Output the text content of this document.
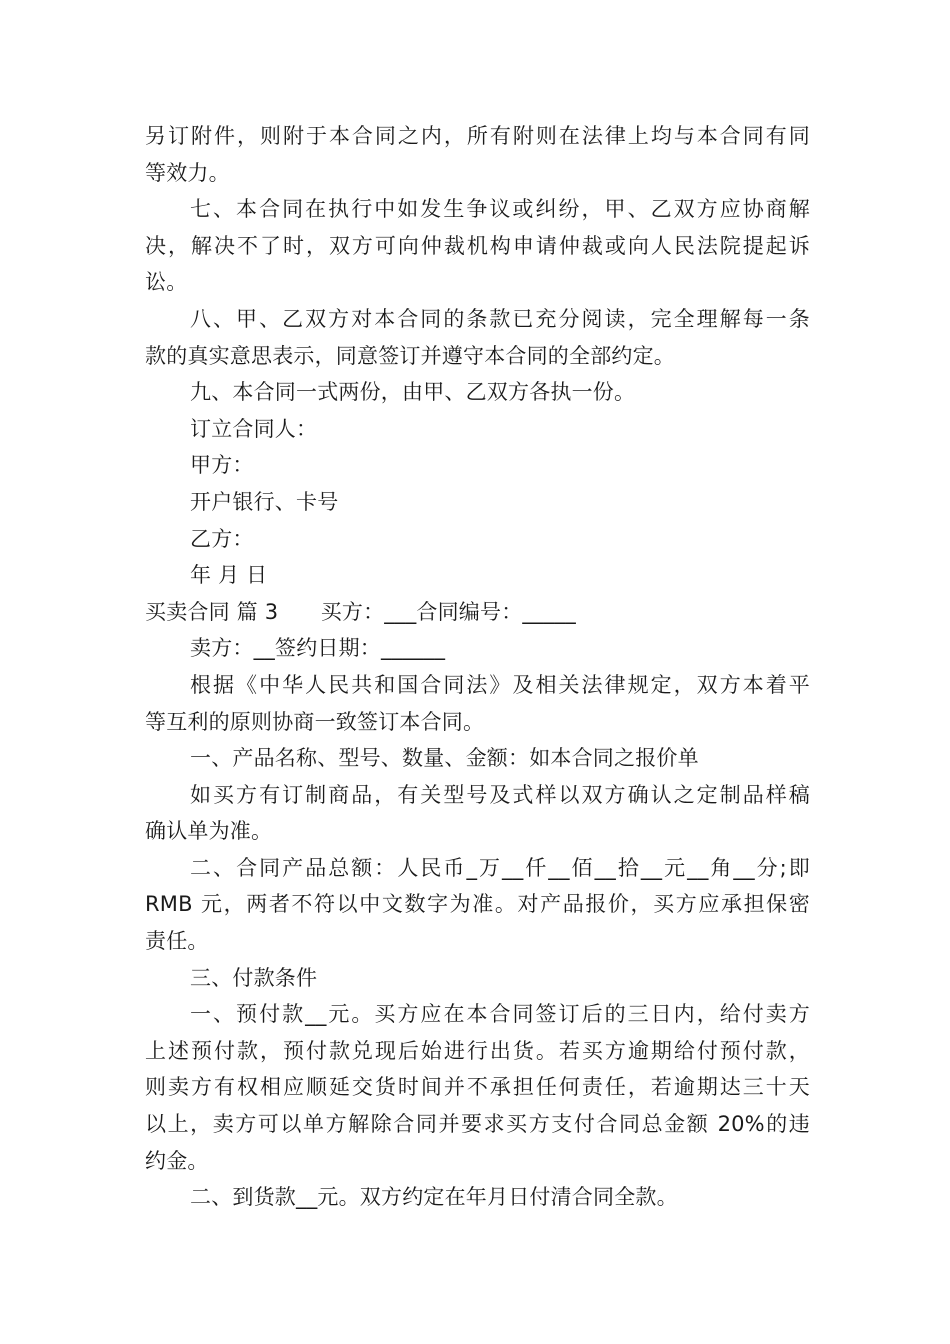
另订附件，则附于本合同之内，所有附则在法律上均与本合同有同
等效力。
七、本合同在执行中如发生争议或纠纷，甲、乙双方应协商解
决，解决不了时，双方可向仲裁机构申请仲裁或向人民法院提起诉
讼。
八、甲、乙双方对本合同的条款已充分阅读，完全理解每一条
款的真实意思表示，同意签订并遵守本合同的全部约定。
九、本合同一式两份，由甲、乙双方各执一份。
订立合同人：
甲方：
开户银行、卡号
乙方：
年 月 日
买卖合同 篇 3　　买方：___合同编号：_____
卖方：__签约日期：______
根据《中华人民共和国合同法》及相关法律规定，双方本着平
等互利的原则协商一致签订本合同。
一、产品名称、型号、数量、金额：如本合同之报价单
如买方有订制商品，有关型号及式样以双方确认之定制品样稿
确认单为准。
二、合同产品总额：人民币_万__仟__佰__拾__元__角__分;即
RMB 元，两者不符以中文数字为准。对产品报价，买方应承担保密
责任。
三、付款条件
一、预付款__元。买方应在本合同签订后的三日内，给付卖方
上述预付款，预付款兑现后始进行出货。若买方逾期给付预付款，
则卖方有权相应顺延交货时间并不承担任何责任，若逾期达三十天
以上，卖方可以单方解除合同并要求买方支付合同总金额 20%的违
约金。
二、到货款__元。双方约定在年月日付清合同全款。
